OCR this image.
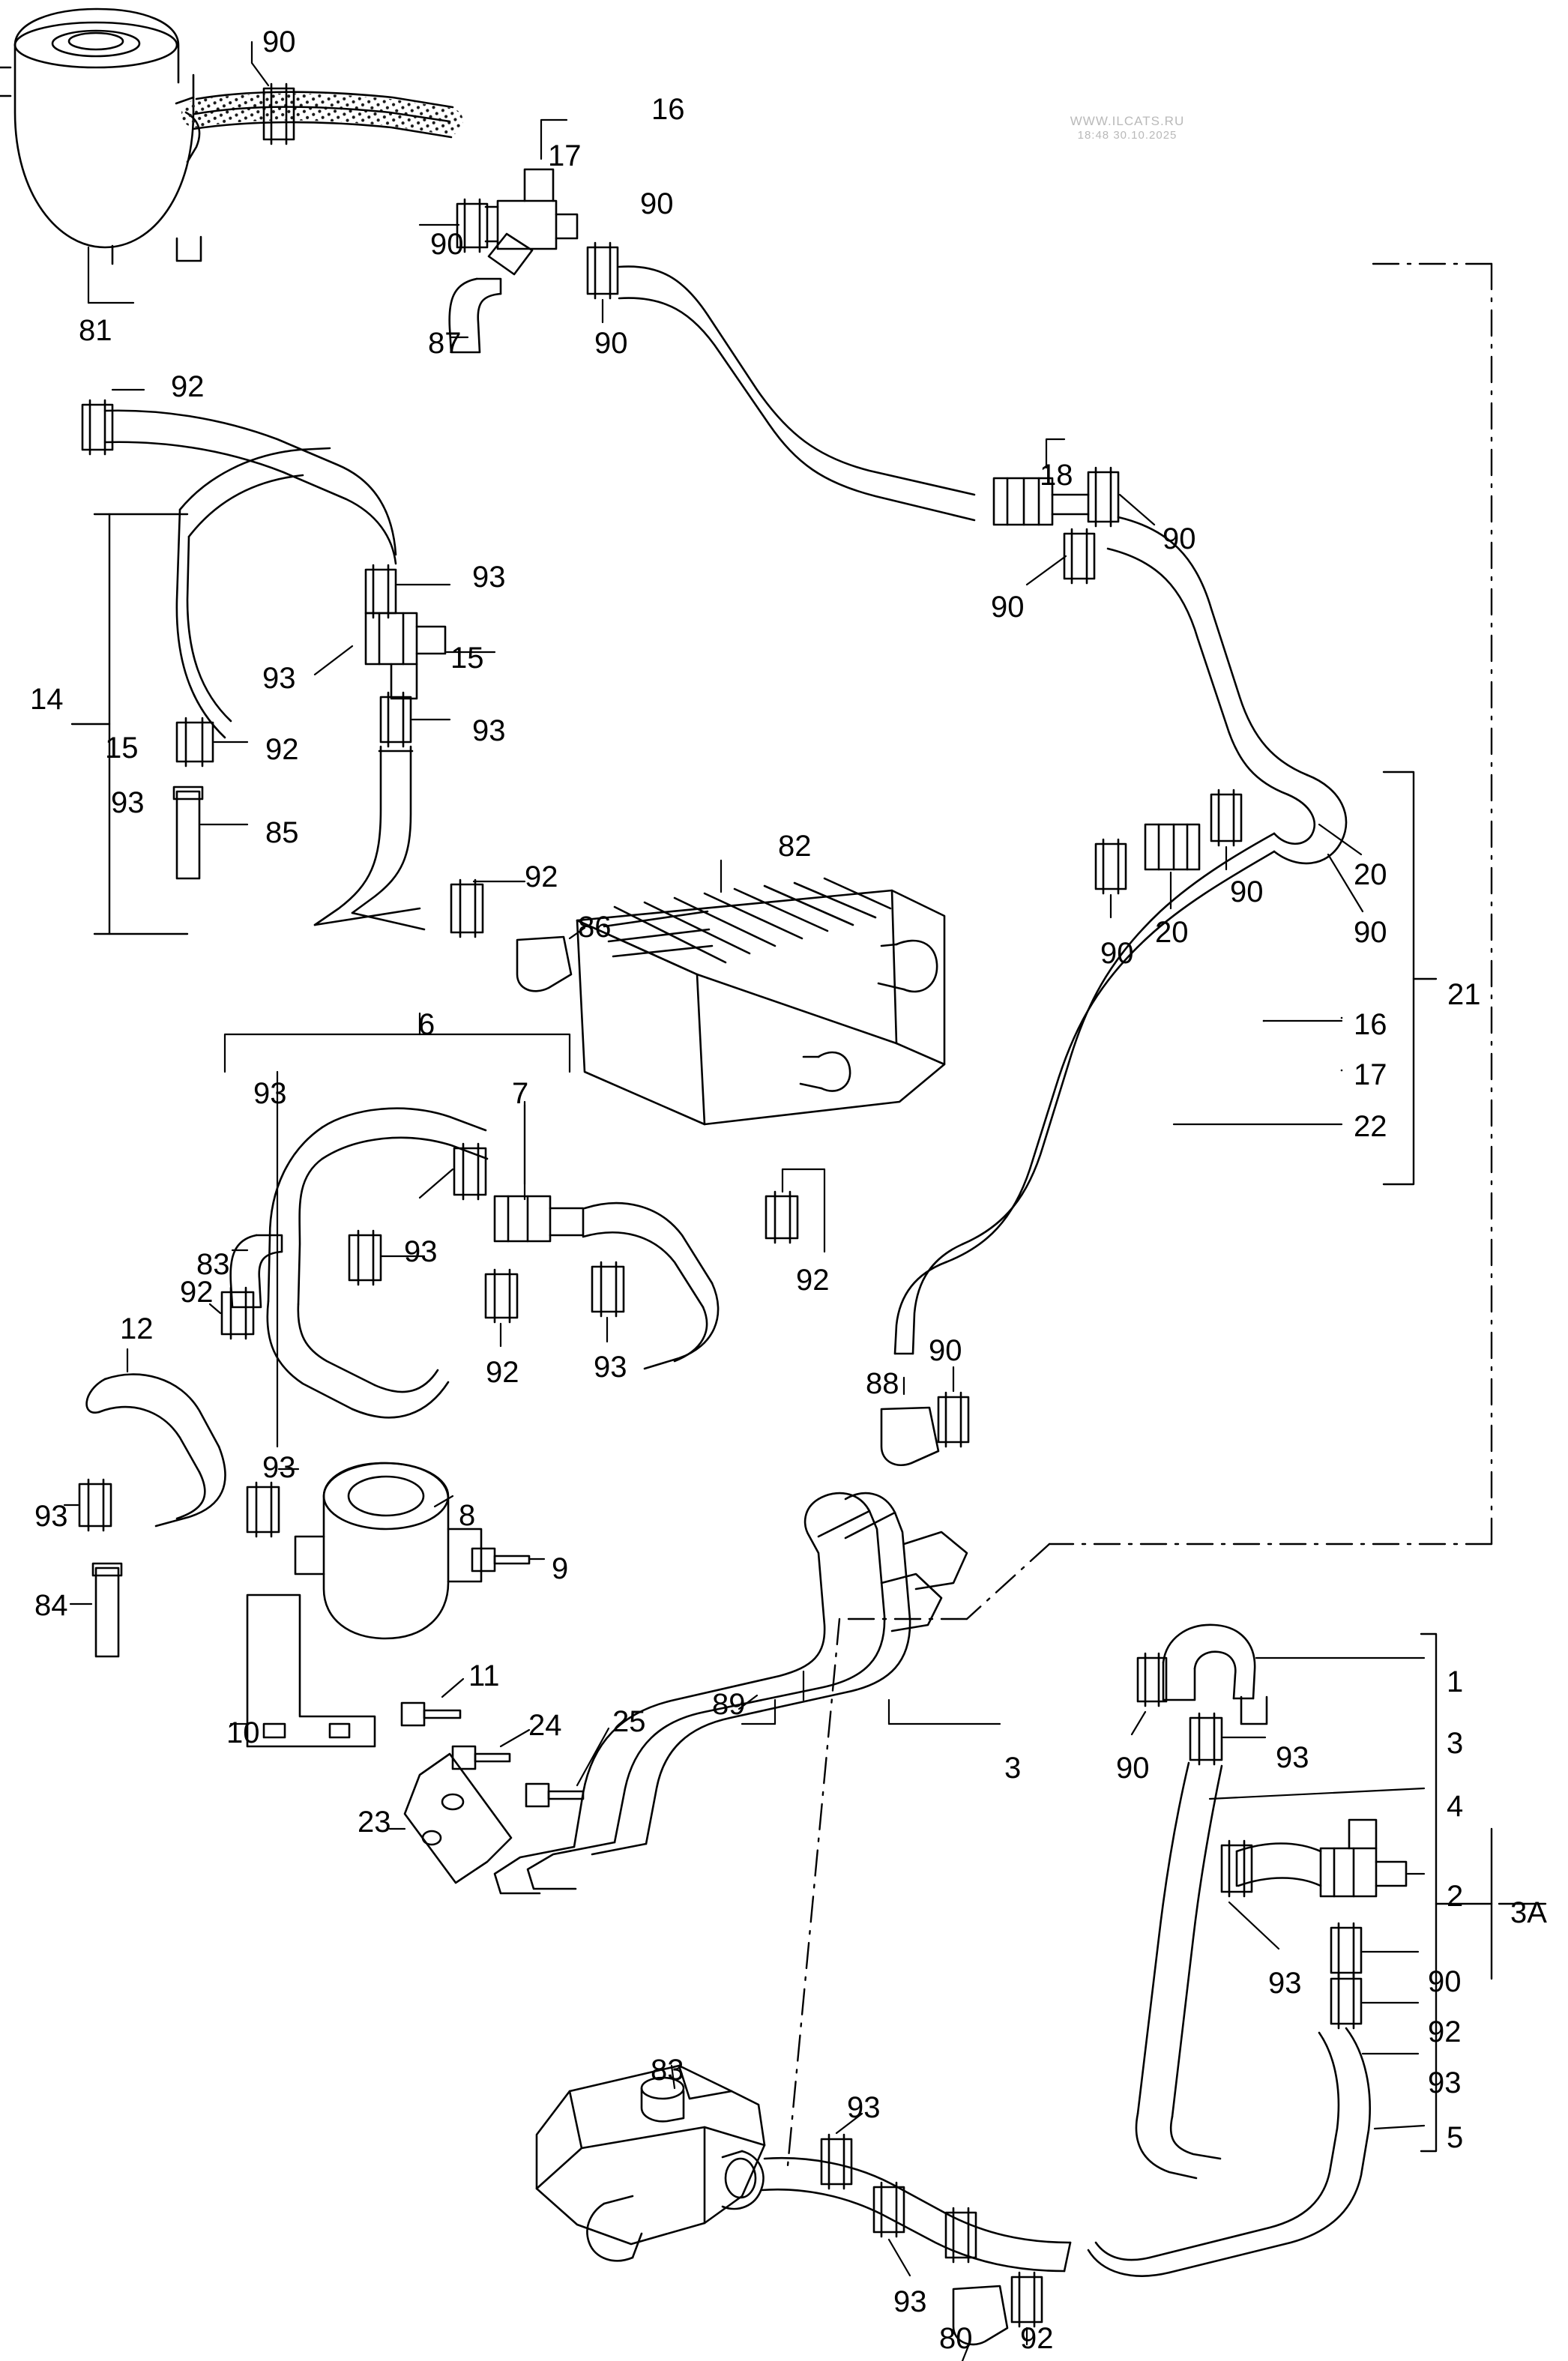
WWW.ILCATS.RU
18:48 30.10.2025
90
16
17
90
90
87	90
81
92
18
90
90
93
15
93
93
14
15	92
93
85	82
92
86
20
90
90
20
90
21
16
17
22
6
93	7
83	93
92	92
92 93
12
90
88
93
93	8
9
84
11
24 25
89
10
23
3	90	93
1
3
4
2 3A
93	90
92
93
5
83
93
93
80 92
